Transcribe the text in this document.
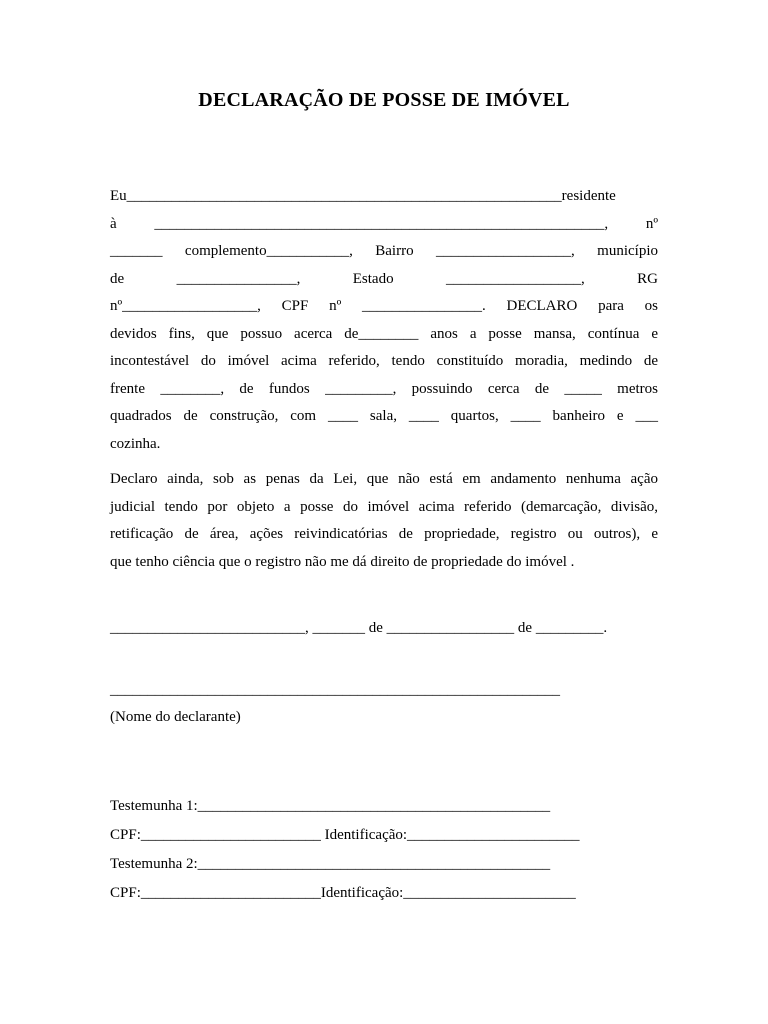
DECLARAÇÃO DE POSSE DE IMÓVEL
Eu__________________________________________________________residente
à ____________________________________________________________, nº
_______ complemento___________, Bairro __________________, município
de ________________, Estado __________________, RG
nº__________________, CPF nº ________________. DECLARO para os
devidos fins, que possuo acerca de________ anos a posse mansa, contínua e
incontestável do imóvel acima referido, tendo constituído moradia, medindo de
frente ________, de fundos _________, possuindo cerca de _____ metros
quadrados de construção, com ____ sala, ____ quartos, ____ banheiro e ___
cozinha.
Declaro ainda, sob as penas da Lei, que não está em andamento nenhuma ação
judicial tendo por objeto a posse do imóvel acima referido (demarcação, divisão,
retificação de área, ações reivindicatórias de propriedade, registro ou outros), e
que tenho ciência que o registro não me dá direito de propriedade do imóvel .
__________________________, _______ de _________________ de _________.
____________________________________________________________
(Nome do declarante)
Testemunha 1:_______________________________________________
CPF:________________________ Identificação:_______________________
Testemunha 2:_______________________________________________
CPF:________________________Identificação:_______________________
